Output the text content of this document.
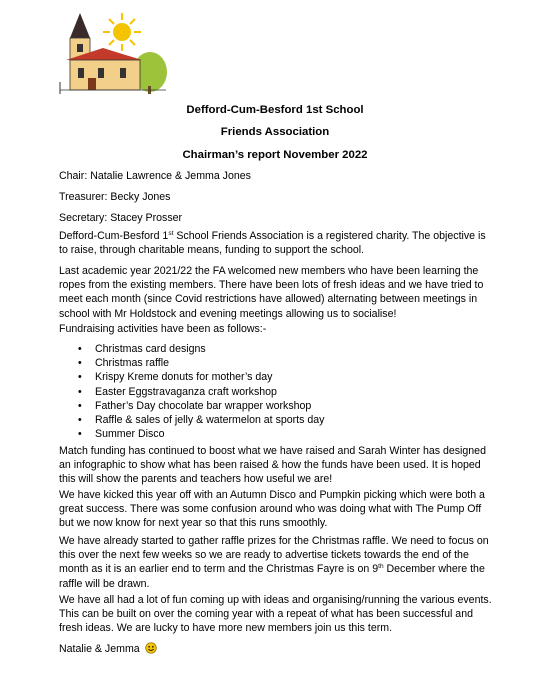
Defford-Cum-Besford 1st School
Friends Association
Chairman’s report November 2022

Chair: Natalie Lawrence & Jemma Jones

Treasurer: Becky Jones

Secretary: Stacey Prosser

Defford-Cum-Besford 1st School Friends Association is a registered charity. The objective is to raise, through charitable means, funding to support the school.

Last academic year 2021/22 the FA welcomed new members who have been learning the ropes from the existing members. There have been lots of fresh ideas and we have tried to meet each month (since Covid restrictions have allowed) alternating between meetings in school with Mr Holdstock and evening meetings allowing us to socialise!

Fundraising activities have been as follows:-

• Christmas card designs
• Christmas raffle
• Krispy Kreme donuts for mother’s day
• Easter Eggstravaganza craft workshop
• Father’s Day chocolate bar wrapper workshop
• Raffle & sales of jelly & watermelon at sports day
• Summer Disco

Match funding has continued to boost what we have raised and Sarah Winter has designed an infographic to show what has been raised & how the funds have been used. It is hoped this will show the parents and teachers how useful we are!

We have kicked this year off with an Autumn Disco and Pumpkin picking which were both a great success. There was some confusion around who was doing what with The Pump Off but we now know for next year so that this runs smoothly.

We have already started to gather raffle prizes for the Christmas raffle. We need to focus on this over the next few weeks so we are ready to advertise tickets towards the end of the month as it is an earlier end to term and the Christmas Fayre is on 9th December where the raffle will be drawn.

We have all had a lot of fun coming up with ideas and organising/running the various events. This can be built on over the coming year with a repeat of what has been successful and fresh ideas. We are lucky to have more new members join us this term.

Natalie & Jemma
